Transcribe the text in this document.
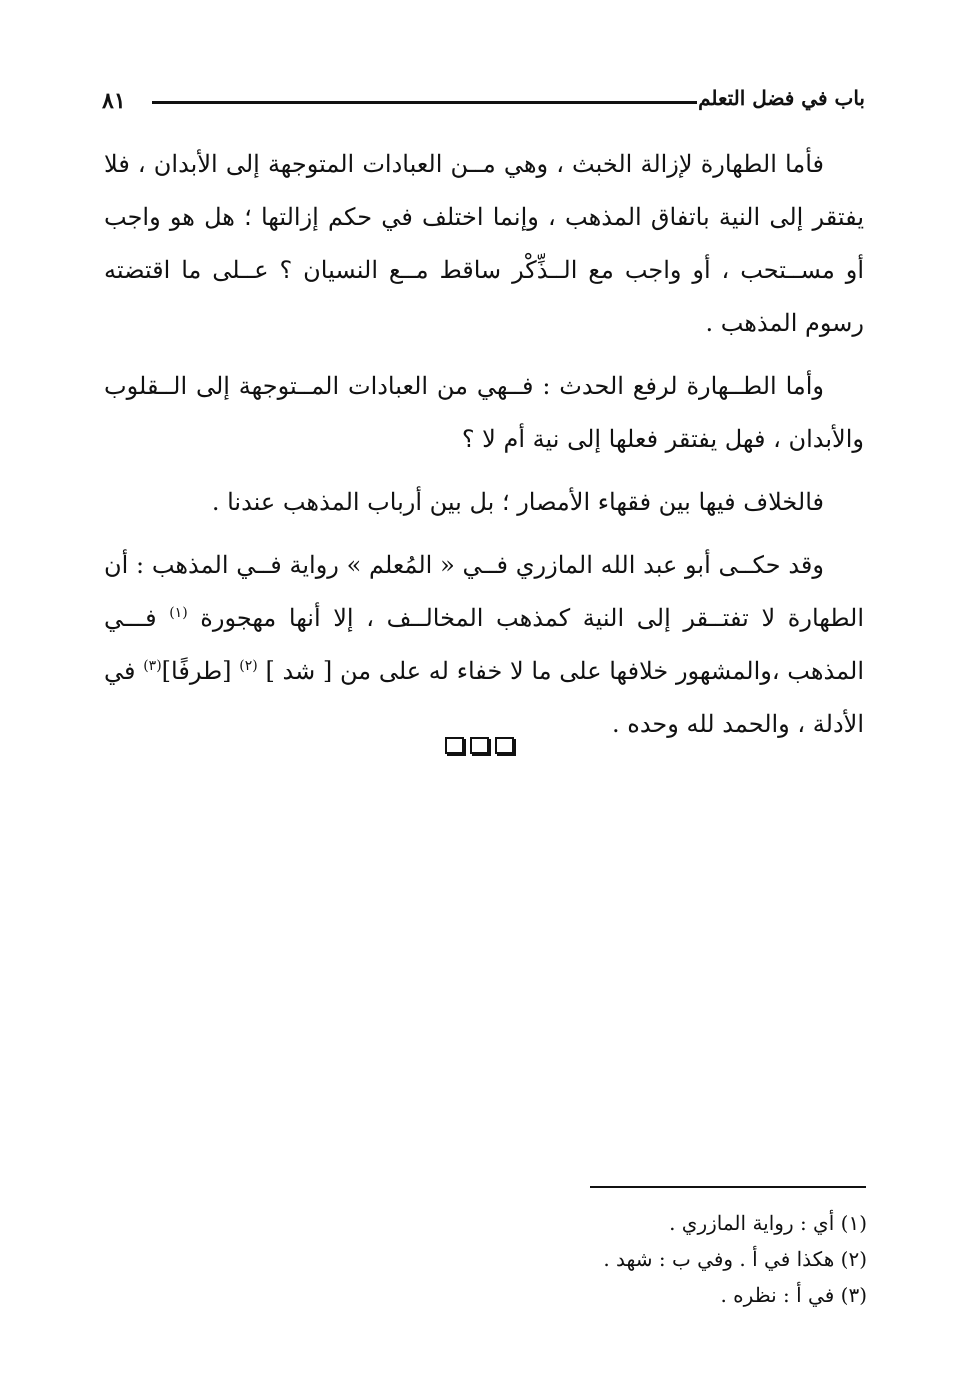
٨١	باب في فضل التعلم

فأما الطهارة لإزالة الخبث ، وهي مــن العبادات المتوجهة إلى الأبدان ، فلا يفتقر إلى النية باتفاق المذهب ، وإنما اختلف في حكم إزالتها ؛ هل هو واجب أو مســتحب ، أو واجب مع الــذِّكْر ساقط مــع النسيان ؟ عــلى ما اقتضته رسوم المذهب .

وأما الطــهارة لرفع الحدث : فــهي من العبادات المــتوجهة إلى الــقلوب والأبدان ، فهل يفتقر فعلها إلى نية أم لا ؟

فالخلاف فيها بين فقهاء الأمصار ؛ بل بين أرباب المذهب عندنا .

وقد حكــى أبو عبد الله المازري فــي « المُعلم » رواية فــي المذهب : أن الطهارة لا تفتــقر إلى النية كمذهب المخالــف ، إلا أنها مهجورة $^{(١)}$ فـــي المذهب ،والمشهور خلافها على ما لا خفاء له على من [ شد ] $^{(٢)}$ [طرفًا]$^{(٣)}$ في الأدلة ، والحمد لله وحده .

(١) أي : رواية المازري .
(٢) هكذا في أ . وفي ب : شهد .
(٣) في أ : نظره .
